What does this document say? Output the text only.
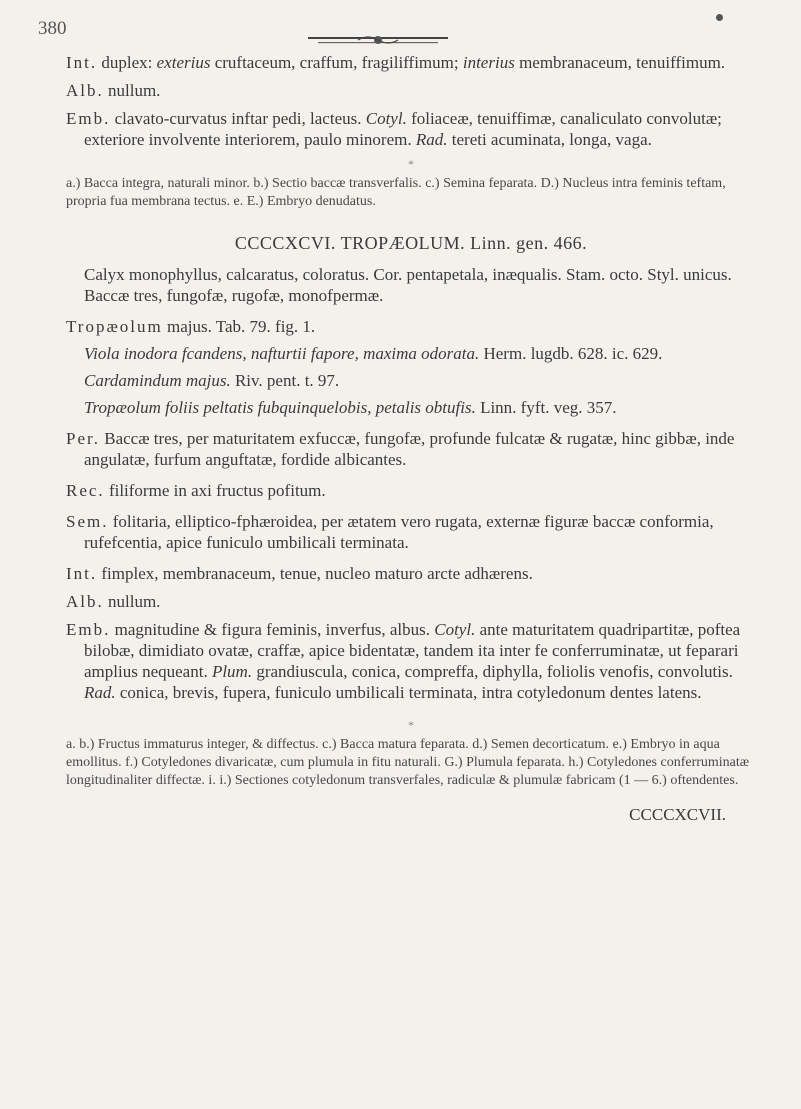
380

Int. duplex: exterius cruftaceum, craffum, fragiliffimum; interius membranaceum, tenuiffimum.

Alb. nullum.

Emb. clavato-curvatus inftar pedi, lacteus. Cotyl. foliaceæ, tenuiffimæ, canaliculato convolutæ; exteriore involvente interiorem, paulo minorem. Rad. tereti acuminata, longa, vaga.

*

a.) Bacca integra, naturali minor. b.) Sectio baccæ transverfalis. c.) Semina feparata. D.) Nucleus intra feminis teftam, propria fua membrana tectus. e. E.) Embryo denudatus.

CCCCXCVI. TROPÆOLUM. Linn. gen. 466.

Calyx monophyllus, calcaratus, coloratus. Cor. pentapetala, inæqualis. Stam. octo. Styl. unicus. Baccæ tres, fungofæ, rugofæ, monofpermæ.

Tropæolum majus. Tab. 79. fig. 1.

Viola inodora fcandens, nafturtii fapore, maxima odorata. Herm. lugdb. 628. ic. 629.

Cardamindum majus. Riv. pent. t. 97.

Tropæolum foliis peltatis fubquinquelobis, petalis obtufis. Linn. fyft. veg. 357.

Per. Baccæ tres, per maturitatem exfuccæ, fungofæ, profunde fulcatæ & rugatæ, hinc gibbæ, inde angulatæ, furfum anguftatæ, fordide albicantes.

Rec. filiforme in axi fructus pofitum.

Sem. folitaria, elliptico-fphæroidea, per ætatem vero rugata, externæ figuræ baccæ conformia, rufefcentia, apice funiculo umbilicali terminata.

Int. fimplex, membranaceum, tenue, nucleo maturo arcte adhærens.

Alb. nullum.

Emb. magnitudine & figura feminis, inverfus, albus. Cotyl. ante maturitatem quadripartitæ, poftea bilobæ, dimidiato ovatæ, craffæ, apice bidentatæ, tandem ita inter fe conferruminatæ, ut feparari amplius nequeant. Plum. grandiuscula, conica, compreffa, diphylla, foliolis venofis, convolutis. Rad. conica, brevis, fupera, funiculo umbilicali terminata, intra cotyledonum dentes latens.

*

a. b.) Fructus immaturus integer, & diffectus. c.) Bacca matura feparata. d.) Semen decorticatum. e.) Embryo in aqua emollitus. f.) Cotyledones divaricatæ, cum plumula in fitu naturali. G.) Plumula feparata. h.) Cotyledones conferruminatæ longitudinaliter diffectæ. i. i.) Sectiones cotyledonum transverfales, radiculæ & plumulæ fabricam (1 — 6.) oftendentes.

CCCCXCVII.
